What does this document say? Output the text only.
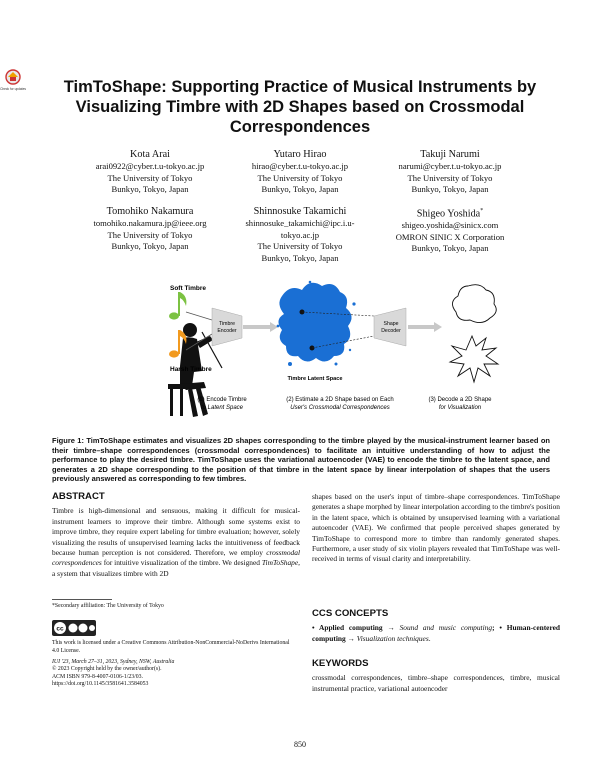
Check for updates	TimToShape: Supporting Practice of Musical Instruments by Visualizing Timbre with 2D Shapes based on Crossmodal Correspondences
Kota Arai
arai0922@cyber.t.u-tokyo.ac.jp
The University of Tokyo
Bunkyo, Tokyo, Japan
Yutaro Hirao
hirao@cyber.t.u-tokyo.ac.jp
The University of Tokyo
Bunkyo, Tokyo, Japan
Takuji Narumi
narumi@cyber.t.u-tokyo.ac.jp
The University of Tokyo
Bunkyo, Tokyo, Japan
Tomohiko Nakamura
tomohiko.nakamura.jp@ieee.org
The University of Tokyo
Bunkyo, Tokyo, Japan
Shinnosuke Takamichi
shinnosuke_takamichi@ipc.i.u-tokyo.ac.jp
The University of Tokyo
Bunkyo, Tokyo, Japan
Shigeo Yoshida*
shigeo.yoshida@sinicx.com
OMRON SINIC X Corporation
Bunkyo, Tokyo, Japan
Soft Timbre
Harsh Timbre
Timbre
Encoder
Timbre Latent Space
Shape
Decoder
(1) Encode Timbre
to Latent Space
(2) Estimate a 2D Shape based on Each
User's Crossmodal Correspondences
(3) Decode a 2D Shape
for Visualization
Figure 1: TimToShape estimates and visualizes 2D shapes corresponding to the timbre played by the musical-instrument learner based on their timbre–shape correspondences (crossmodal correspondences) to facilitate an intuitive understanding of how to adjust the performance to play the desired timbre. TimToShape uses the variational autoencoder (VAE) to encode the timbre to the latent space, and generates a 2D shape corresponding to the position of that timbre in the latent space by linear interpolation of shapes that the users previously answered as corresponding to few timbres.
ABSTRACT
Timbre is high-dimensional and sensuous, making it difficult for musical-instrument learners to improve their timbre. Although some systems exist to improve timbre, they require expert labeling for timbre evaluation; however, solely visualizing the results of unsupervised learning lacks the intuitiveness of feedback because human perception is not considered. Therefore, we employ crossmodal correspondences for intuitive visualization of the timbre. We designed TimToShape, a system that visualizes timbre with 2D
*Secondary affiliation: The University of Tokyo
cc
This work is licensed under a Creative Commons Attribution-NonCommercial-NoDerivs International 4.0 License.
IUI '23, March 27–31, 2023, Sydney, NSW, Australia
© 2023 Copyright held by the owner/author(s).
ACM ISBN 979-8-4007-0106-1/23/03.
https://doi.org/10.1145/3581641.3584053
shapes based on the user's input of timbre–shape correspondences. TimToShape generates a shape morphed by linear interpolation according to the timbre's position in the latent space, which is obtained by unsupervised learning with a variational autoencoder (VAE). We confirmed that people perceived shapes generated by TimToShape to correspond more to timbre than randomly generated shapes. Furthermore, a user study of six violin players revealed that TimToShape was well-received in terms of visual clarity and interpretability.
CCS CONCEPTS
• Applied computing → Sound and music computing; • Human-centered computing → Visualization techniques.
KEYWORDS
crossmodal correspondences, timbre–shape correspondences, timbre, musical instrumental practice, variational autoencoder
850
